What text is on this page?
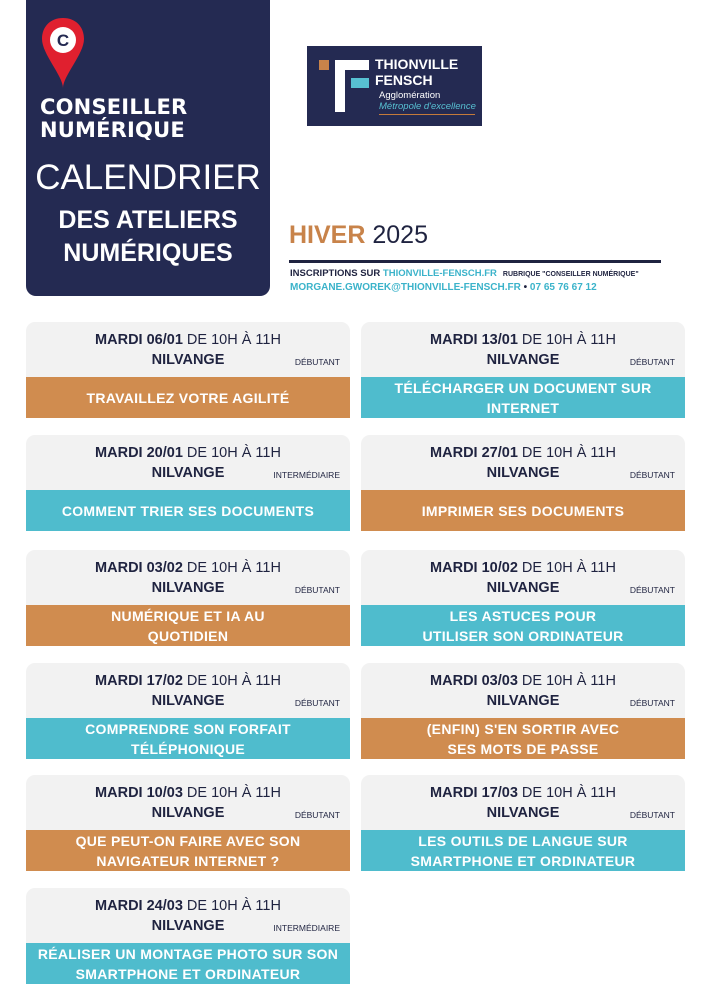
C
CONSEILLER
NUMÉRIQUE
CALENDRIER
DES ATELIERS
NUMÉRIQUES
THIONVILLE
FENSCH
Agglomération
Métropole d'excellence
HIVER 2025
INSCRIPTIONS SUR THIONVILLE-FENSCH.FR RUBRIQUE "CONSEILLER NUMÉRIQUE"
MORGANE.GWOREK@THIONVILLE-FENSCH.FR • 07 65 76 67 12
MARDI 06/01 DE 10H À 11H
NILVANGE	DÉBUTANT
TRAVAILLEZ VOTRE AGILITÉ
MARDI 13/01 DE 10H À 11H
NILVANGE	DÉBUTANT
TÉLÉCHARGER UN DOCUMENT SUR
INTERNET
MARDI 20/01 DE 10H À 11H
NILVANGE	INTERMÉDIAIRE
COMMENT TRIER SES DOCUMENTS
MARDI 27/01 DE 10H À 11H
NILVANGE	DÉBUTANT
IMPRIMER SES DOCUMENTS
MARDI 03/02 DE 10H À 11H
NILVANGE	DÉBUTANT
NUMÉRIQUE ET IA AU
QUOTIDIEN
MARDI 10/02 DE 10H À 11H
NILVANGE	DÉBUTANT
LES ASTUCES POUR
UTILISER SON ORDINATEUR
MARDI 17/02 DE 10H À 11H
NILVANGE	DÉBUTANT
COMPRENDRE SON FORFAIT
TÉLÉPHONIQUE
MARDI 03/03 DE 10H À 11H
NILVANGE	DÉBUTANT
(ENFIN) S'EN SORTIR AVEC
SES MOTS DE PASSE
MARDI 10/03 DE 10H À 11H
NILVANGE	DÉBUTANT
QUE PEUT-ON FAIRE AVEC SON
NAVIGATEUR INTERNET ?
MARDI 17/03 DE 10H À 11H
NILVANGE	DÉBUTANT
LES OUTILS DE LANGUE SUR
SMARTPHONE ET ORDINATEUR
MARDI 24/03 DE 10H À 11H
NILVANGE	INTERMÉDIAIRE
RÉALISER UN MONTAGE PHOTO SUR SON
SMARTPHONE ET ORDINATEUR
